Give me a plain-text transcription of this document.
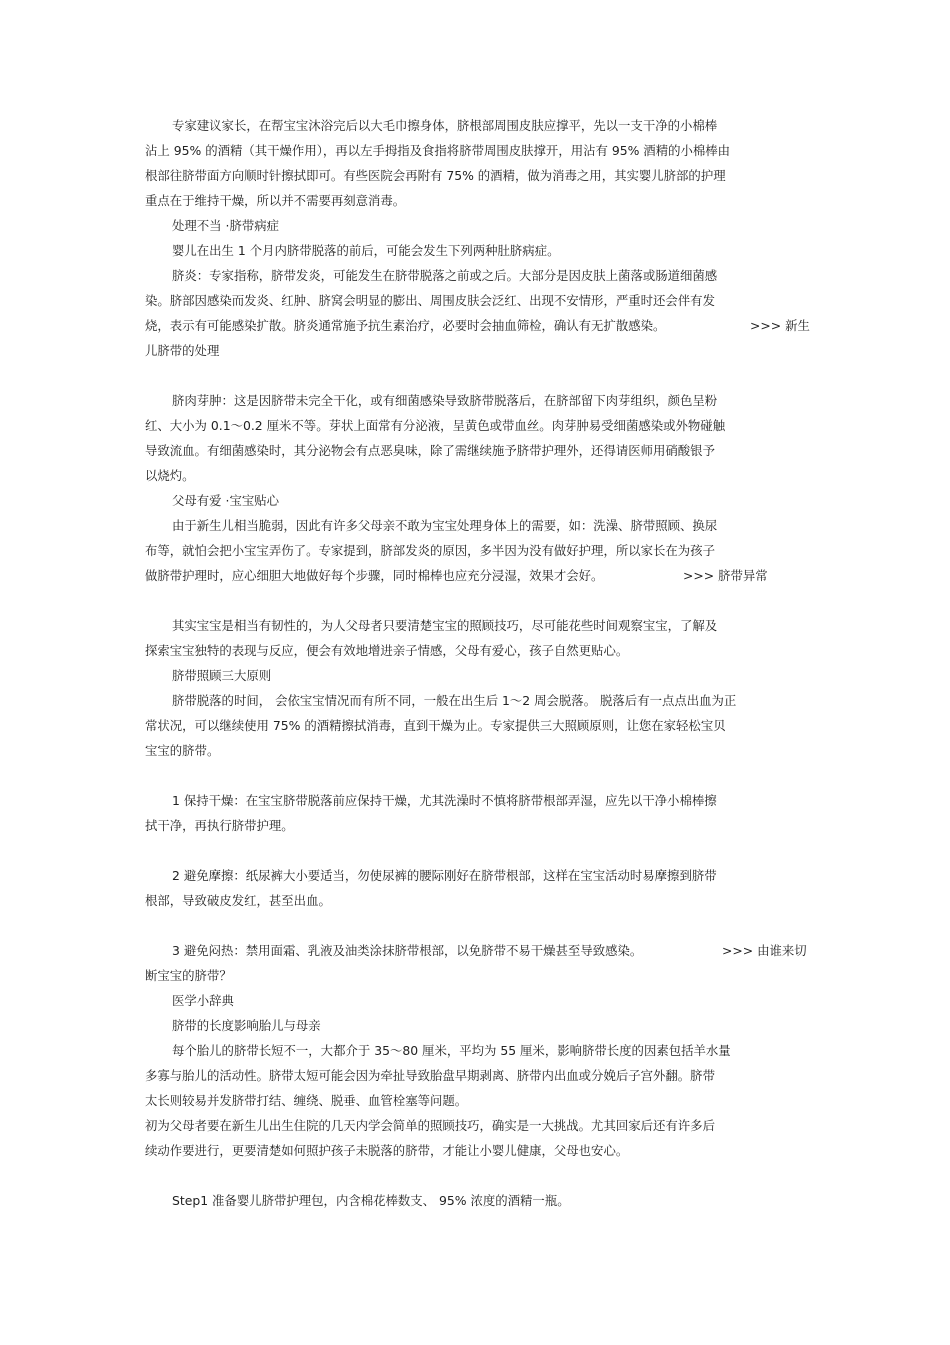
专家建议家长，在帮宝宝沐浴完后以大毛巾擦身体，脐根部周围皮肤应撑平，先以一支干净的小棉棒
沾上 95% 的酒精（其干燥作用），再以左手拇指及食指将脐带周围皮肤撑开，用沾有 95% 酒精的小棉棒由
根部往脐带面方向顺时针擦拭即可。有些医院会再附有 75% 的酒精，做为消毒之用，其实婴儿脐部的护理
重点在于维持干燥，所以并不需要再刻意消毒。
处理不当 ·脐带病症
婴儿在出生 1 个月内脐带脱落的前后，可能会发生下列两种肚脐病症。
脐炎：专家指称，脐带发炎，可能发生在脐带脱落之前或之后。大部分是因皮肤上菌落或肠道细菌感
染。脐部因感染而发炎、红肿、脐窝会明显的膨出、周围皮肤会泛红、出现不安情形，严重时还会伴有发
烧，表示有可能感染扩散。脐炎通常施予抗生素治疗，必要时会抽血筛检，确认有无扩散感染。	>>> 新生
儿脐带的处理
脐肉芽肿：这是因脐带未完全干化，或有细菌感染导致脐带脱落后，在脐部留下肉芽组织，颜色呈粉
红、大小为 0.1～0.2 厘米不等。芽状上面常有分泌液，呈黄色或带血丝。肉芽肿易受细菌感染或外物碰触
导致流血。有细菌感染时，其分泌物会有点恶臭味，除了需继续施予脐带护理外，还得请医师用硝酸银予
以烧灼。
父母有爱 ·宝宝贴心
由于新生儿相当脆弱，因此有许多父母亲不敢为宝宝处理身体上的需要，如：洗澡、脐带照顾、换尿
布等，就怕会把小宝宝弄伤了。专家提到，脐部发炎的原因，多半因为没有做好护理，所以家长在为孩子
做脐带护理时，应心细胆大地做好每个步骤，同时棉棒也应充分浸湿，效果才会好。	>>> 脐带异常
其实宝宝是相当有韧性的，为人父母者只要清楚宝宝的照顾技巧，尽可能花些时间观察宝宝，了解及
探索宝宝独特的表现与反应，便会有效地增进亲子情感，父母有爱心，孩子自然更贴心。
脐带照顾三大原则
脐带脱落的时间， 会依宝宝情况而有所不同，一般在出生后 1～2 周会脱落。 脱落后有一点点出血为正
常状况，可以继续使用 75% 的酒精擦拭消毒，直到干燥为止。专家提供三大照顾原则，让您在家轻松宝贝
宝宝的脐带。
1 保持干燥：在宝宝脐带脱落前应保持干燥，尤其洗澡时不慎将脐带根部弄湿，应先以干净小棉棒擦
拭干净，再执行脐带护理。
2 避免摩擦：纸尿裤大小要适当，勿使尿裤的腰际刚好在脐带根部，这样在宝宝活动时易摩擦到脐带
根部，导致破皮发红，甚至出血。
3 避免闷热：禁用面霜、乳液及油类涂抹脐带根部，以免脐带不易干燥甚至导致感染。	>>> 由谁来切
断宝宝的脐带？
医学小辞典
脐带的长度影响胎儿与母亲
每个胎儿的脐带长短不一，大都介于 35～80 厘米，平均为 55 厘米，影响脐带长度的因素包括羊水量
多寡与胎儿的活动性。脐带太短可能会因为牵扯导致胎盘早期剥离、脐带内出血或分娩后子宫外翻。脐带
太长则较易并发脐带打结、缠绕、脱垂、血管栓塞等问题。
初为父母者要在新生儿出生住院的几天内学会简单的照顾技巧，确实是一大挑战。尤其回家后还有许多后
续动作要进行，更要清楚如何照护孩子未脱落的脐带，才能让小婴儿健康，父母也安心。
Step1 准备婴儿脐带护理包，内含棉花棒数支、 95% 浓度的酒精一瓶。
